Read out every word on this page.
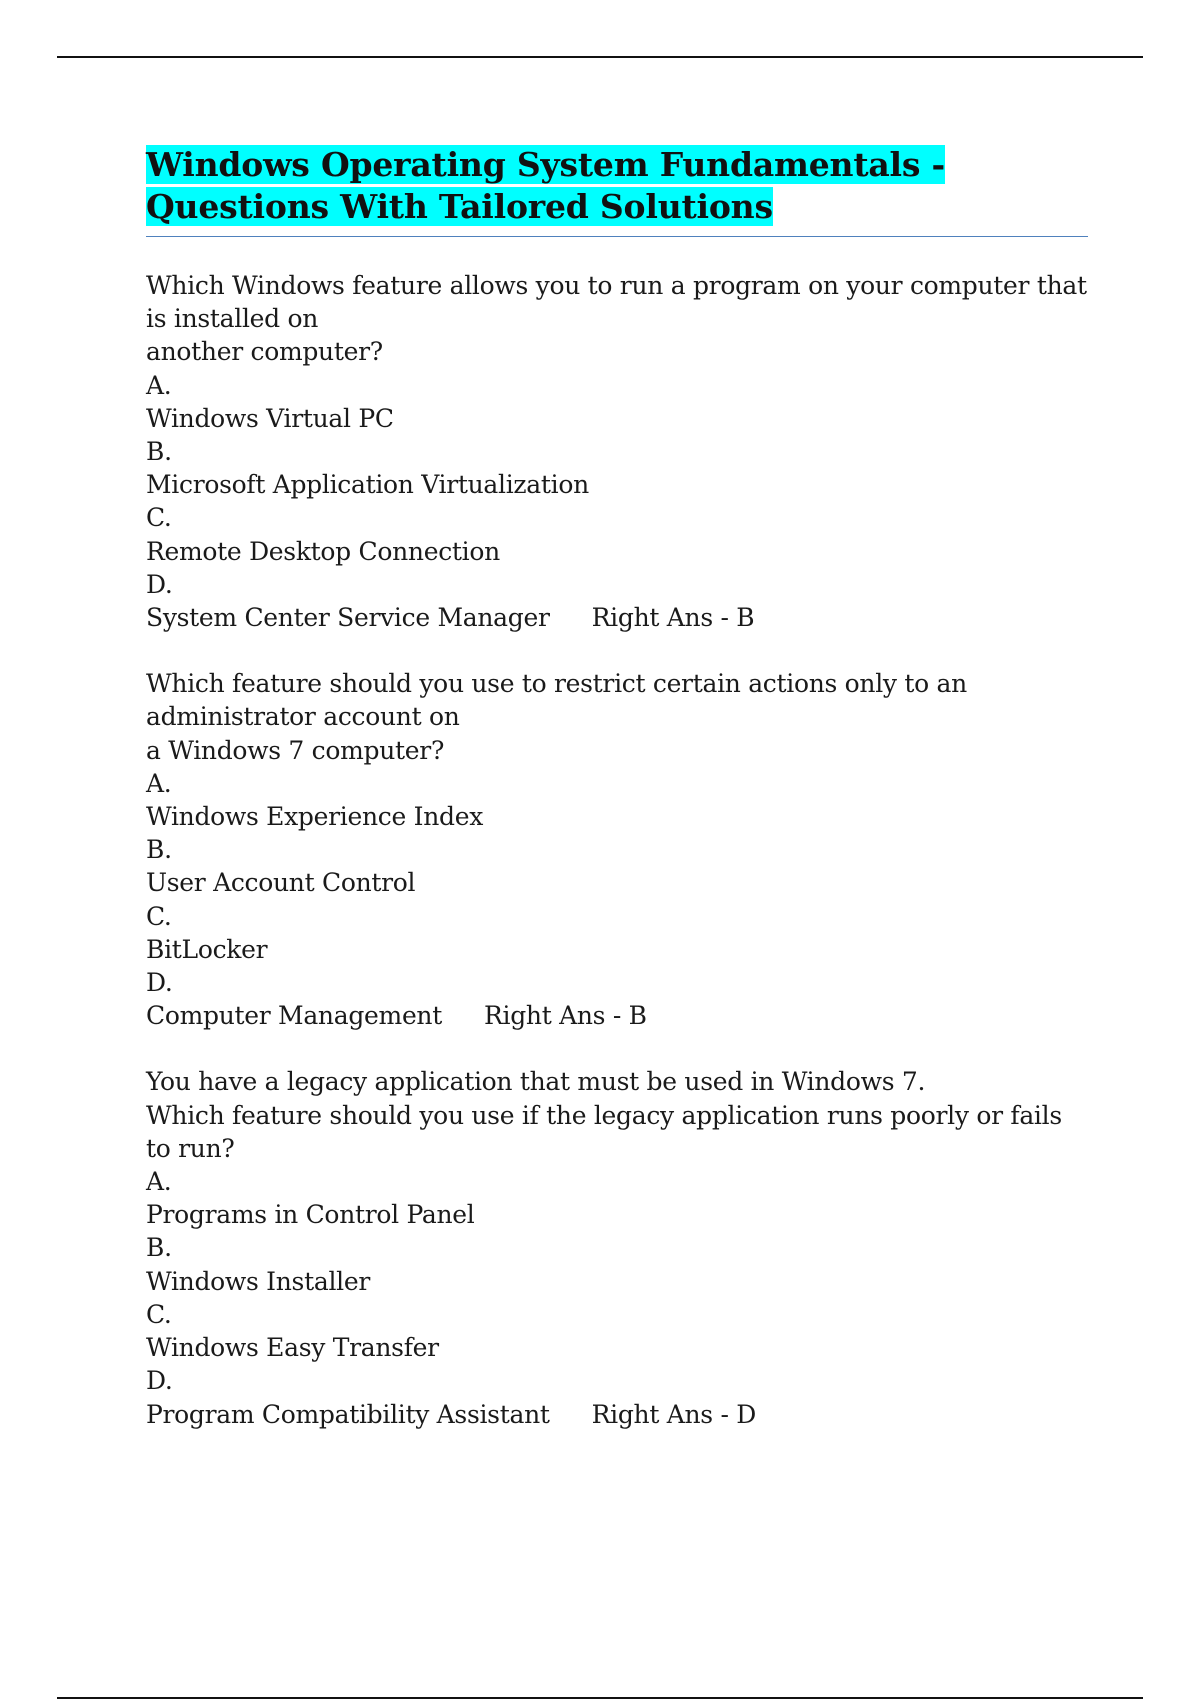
Windows Operating System Fundamentals - Questions With Tailored Solutions
Which Windows feature allows you to run a program on your computer that is installed on
another computer?
A.
Windows Virtual PC
B.
Microsoft Application Virtualization
C.
Remote Desktop Connection
D.
System Center Service Manager Right Ans - B
Which feature should you use to restrict certain actions only to an administrator account on
a Windows 7 computer?
A.
Windows Experience Index
B.
User Account Control
C.
BitLocker
D.
Computer Management Right Ans - B
You have a legacy application that must be used in Windows 7.
Which feature should you use if the legacy application runs poorly or fails to run?
A.
Programs in Control Panel
B.
Windows Installer
C.
Windows Easy Transfer
D.
Program Compatibility Assistant Right Ans - D
